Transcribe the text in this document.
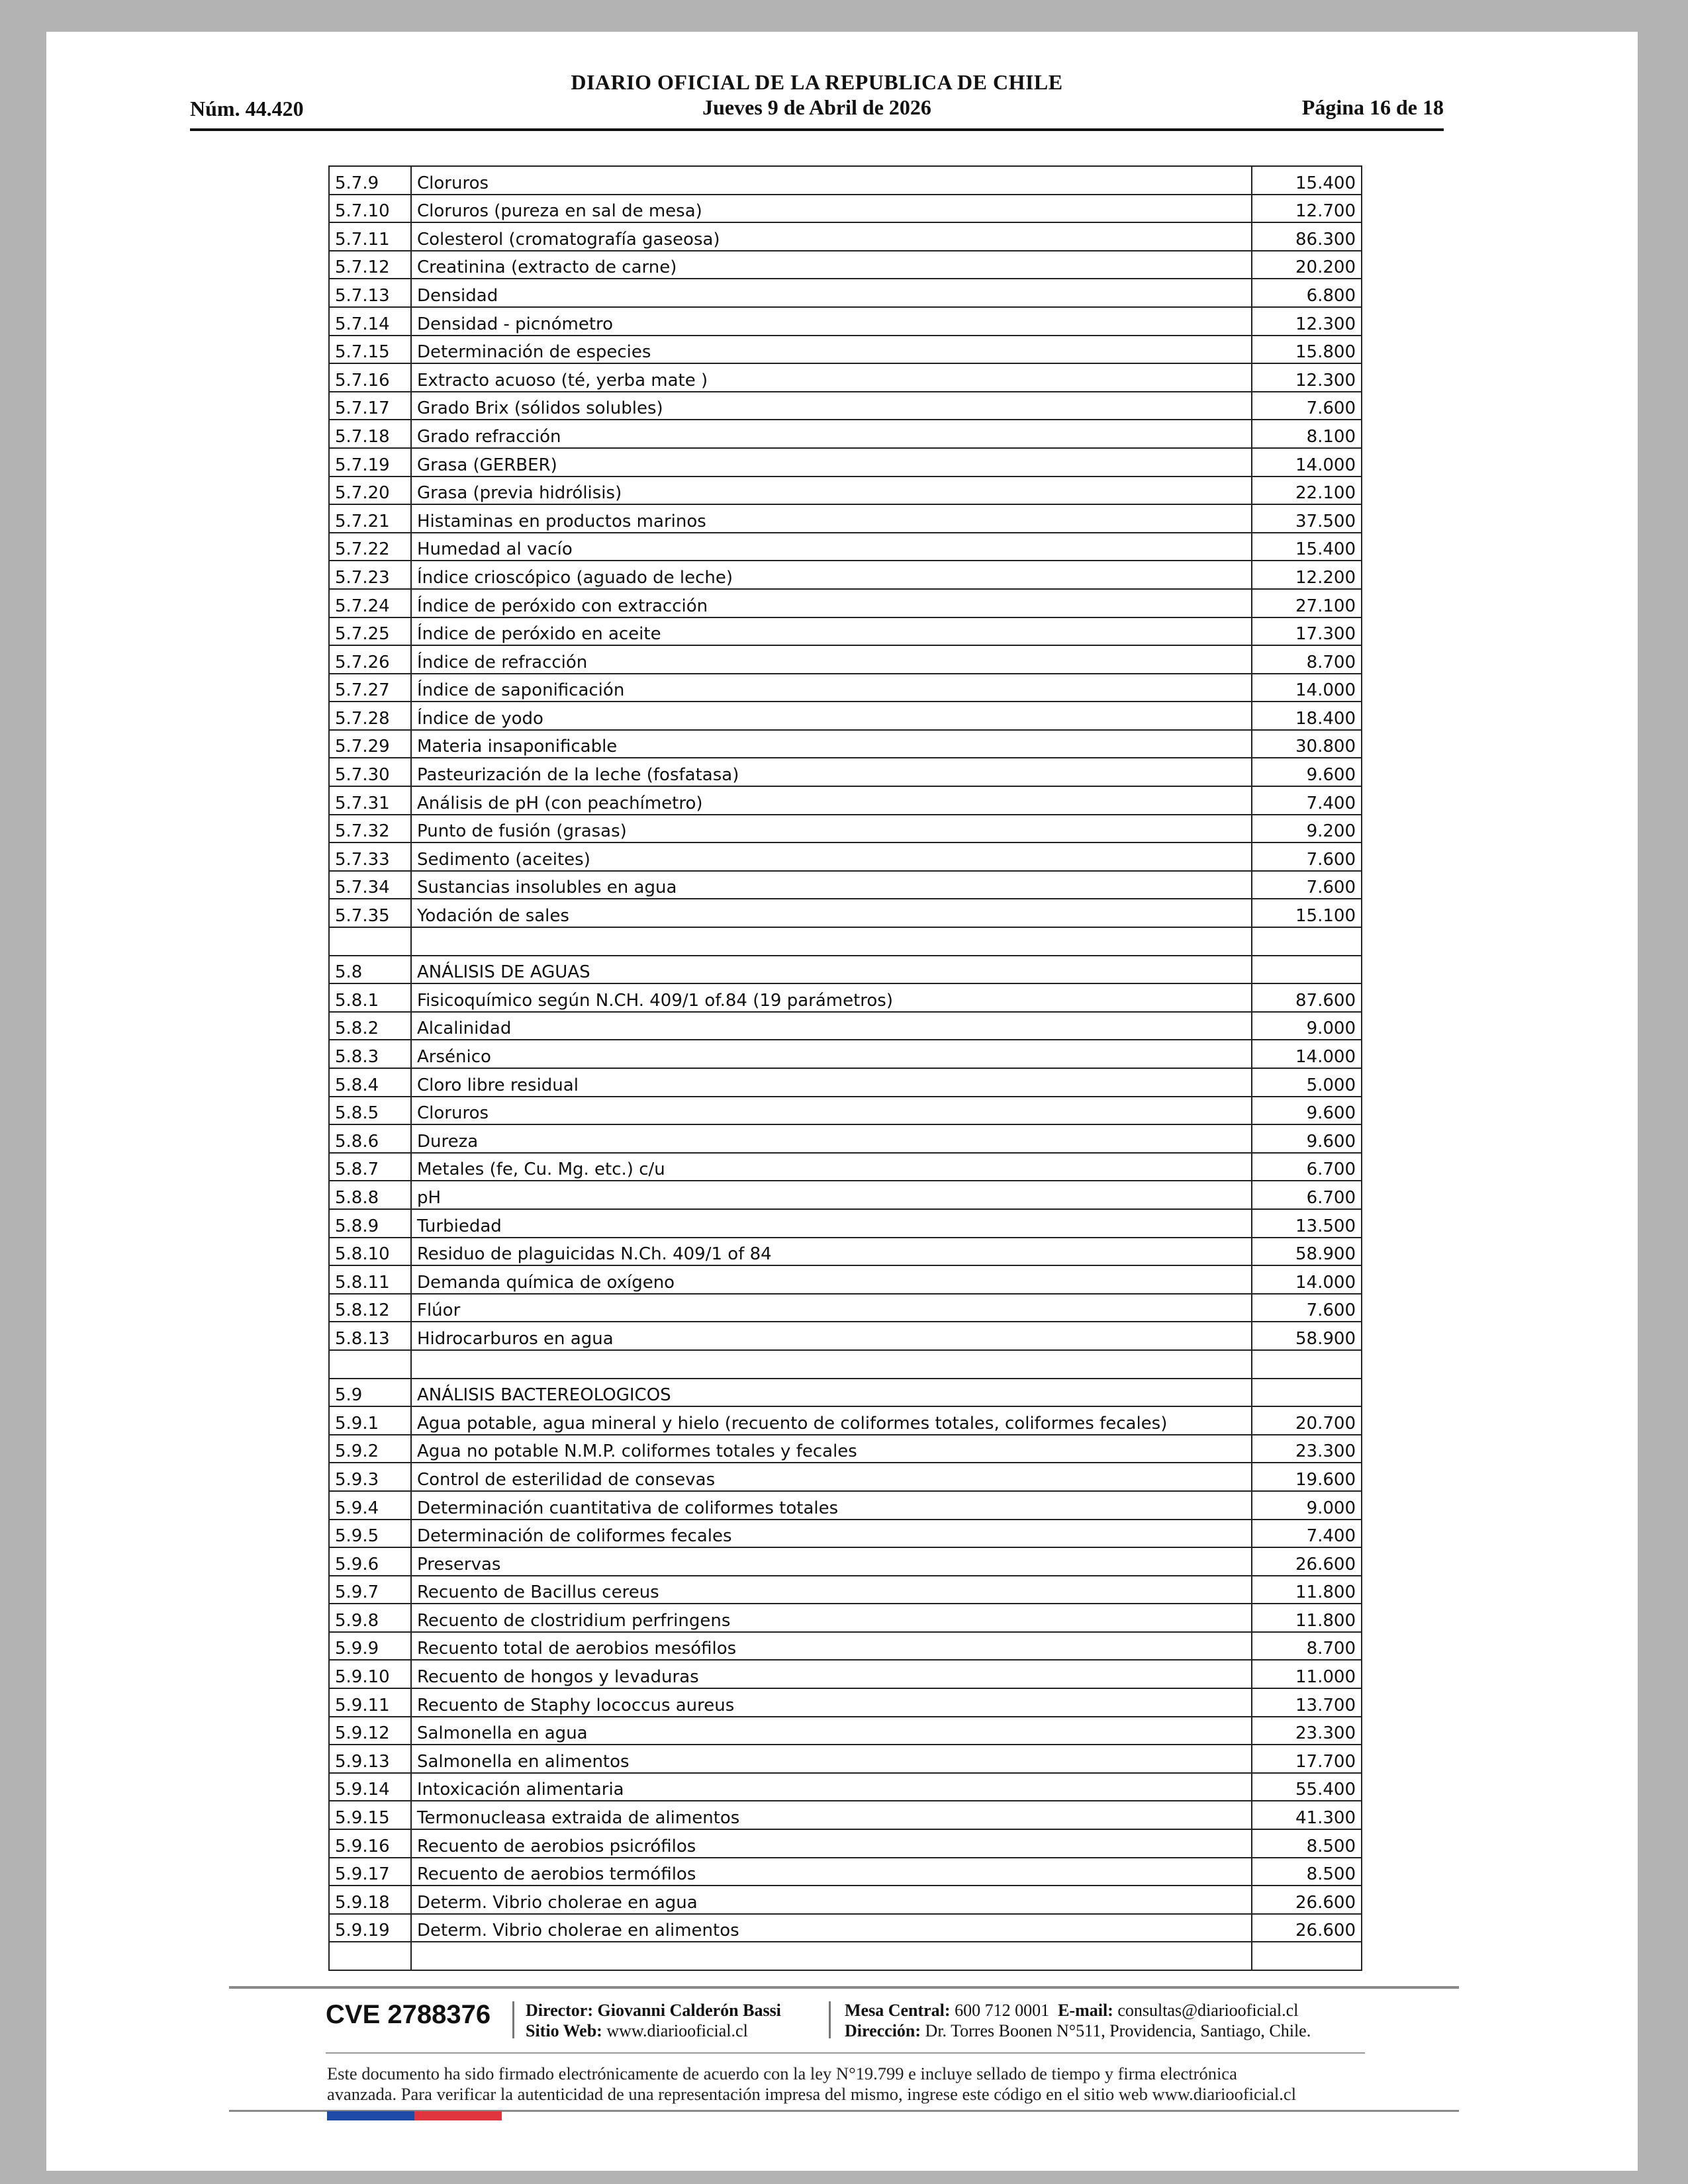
DIARIO OFICIAL DE LA REPUBLICA DE CHILE
Núm. 44.420	Jueves 9 de Abril de 2026	Página 16 de 18
5.7.9	Cloruros	15.400
5.7.10	Cloruros (pureza en sal de mesa)	12.700
5.7.11	Colesterol (cromatografía gaseosa)	86.300
5.7.12	Creatinina (extracto de carne)	20.200
5.7.13	Densidad	6.800
5.7.14	Densidad - picnómetro	12.300
5.7.15	Determinación de especies	15.800
5.7.16	Extracto acuoso (té, yerba mate )	12.300
5.7.17	Grado Brix (sólidos solubles)	7.600
5.7.18	Grado refracción	8.100
5.7.19	Grasa (GERBER)	14.000
5.7.20	Grasa (previa hidrólisis)	22.100
5.7.21	Histaminas en productos marinos	37.500
5.7.22	Humedad al vacío	15.400
5.7.23	Índice crioscópico (aguado de leche)	12.200
5.7.24	Índice de peróxido con extracción	27.100
5.7.25	Índice de peróxido en aceite	17.300
5.7.26	Índice de refracción	8.700
5.7.27	Índice de saponificación	14.000
5.7.28	Índice de yodo	18.400
5.7.29	Materia insaponificable	30.800
5.7.30	Pasteurización de la leche (fosfatasa)	9.600
5.7.31	Análisis de pH (con peachímetro)	7.400
5.7.32	Punto de fusión (grasas)	9.200
5.7.33	Sedimento (aceites)	7.600
5.7.34	Sustancias insolubles en agua	7.600
5.7.35	Yodación de sales	15.100

5.8	ANÁLISIS DE AGUAS	
5.8.1	Fisicoquímico según N.CH. 409/1 of.84 (19 parámetros)	87.600
5.8.2	Alcalinidad	9.000
5.8.3	Arsénico	14.000
5.8.4	Cloro libre residual	5.000
5.8.5	Cloruros	9.600
5.8.6	Dureza	9.600
5.8.7	Metales (fe, Cu. Mg. etc.) c/u	6.700
5.8.8	pH	6.700
5.8.9	Turbiedad	13.500
5.8.10	Residuo de plaguicidas N.Ch. 409/1 of 84	58.900
5.8.11	Demanda química de oxígeno	14.000
5.8.12	Flúor	7.600
5.8.13	Hidrocarburos en agua	58.900

5.9	ANÁLISIS BACTEREOLOGICOS	
5.9.1	Agua potable, agua mineral y hielo (recuento de coliformes totales, coliformes fecales)	20.700
5.9.2	Agua no potable N.M.P. coliformes totales y fecales	23.300
5.9.3	Control de esterilidad de consevas	19.600
5.9.4	Determinación cuantitativa de coliformes totales	9.000
5.9.5	Determinación de coliformes fecales	7.400
5.9.6	Preservas	26.600
5.9.7	Recuento de Bacillus cereus	11.800
5.9.8	Recuento de clostridium perfringens	11.800
5.9.9	Recuento total de aerobios mesófilos	8.700
5.9.10	Recuento de hongos y levaduras	11.000
5.9.11	Recuento de Staphy lococcus aureus	13.700
5.9.12	Salmonella en agua	23.300
5.9.13	Salmonella en alimentos	17.700
5.9.14	Intoxicación alimentaria	55.400
5.9.15	Termonucleasa extraida de alimentos	41.300
5.9.16	Recuento de aerobios psicrófilos	8.500
5.9.17	Recuento de aerobios termófilos	8.500
5.9.18	Determ. Vibrio cholerae en agua	26.600
5.9.19	Determ. Vibrio cholerae en alimentos	26.600

CVE 2788376 Director: Giovanni Calderón Bassi
Sitio Web: www.diariooficial.cl
Mesa Central: 600 712 0001 E-mail: consultas@diariooficial.cl
Dirección: Dr. Torres Boonen N°511, Providencia, Santiago, Chile.
Este documento ha sido firmado electrónicamente de acuerdo con la ley N°19.799 e incluye sellado de tiempo y firma electrónica
avanzada. Para verificar la autenticidad de una representación impresa del mismo, ingrese este código en el sitio web www.diariooficial.cl
